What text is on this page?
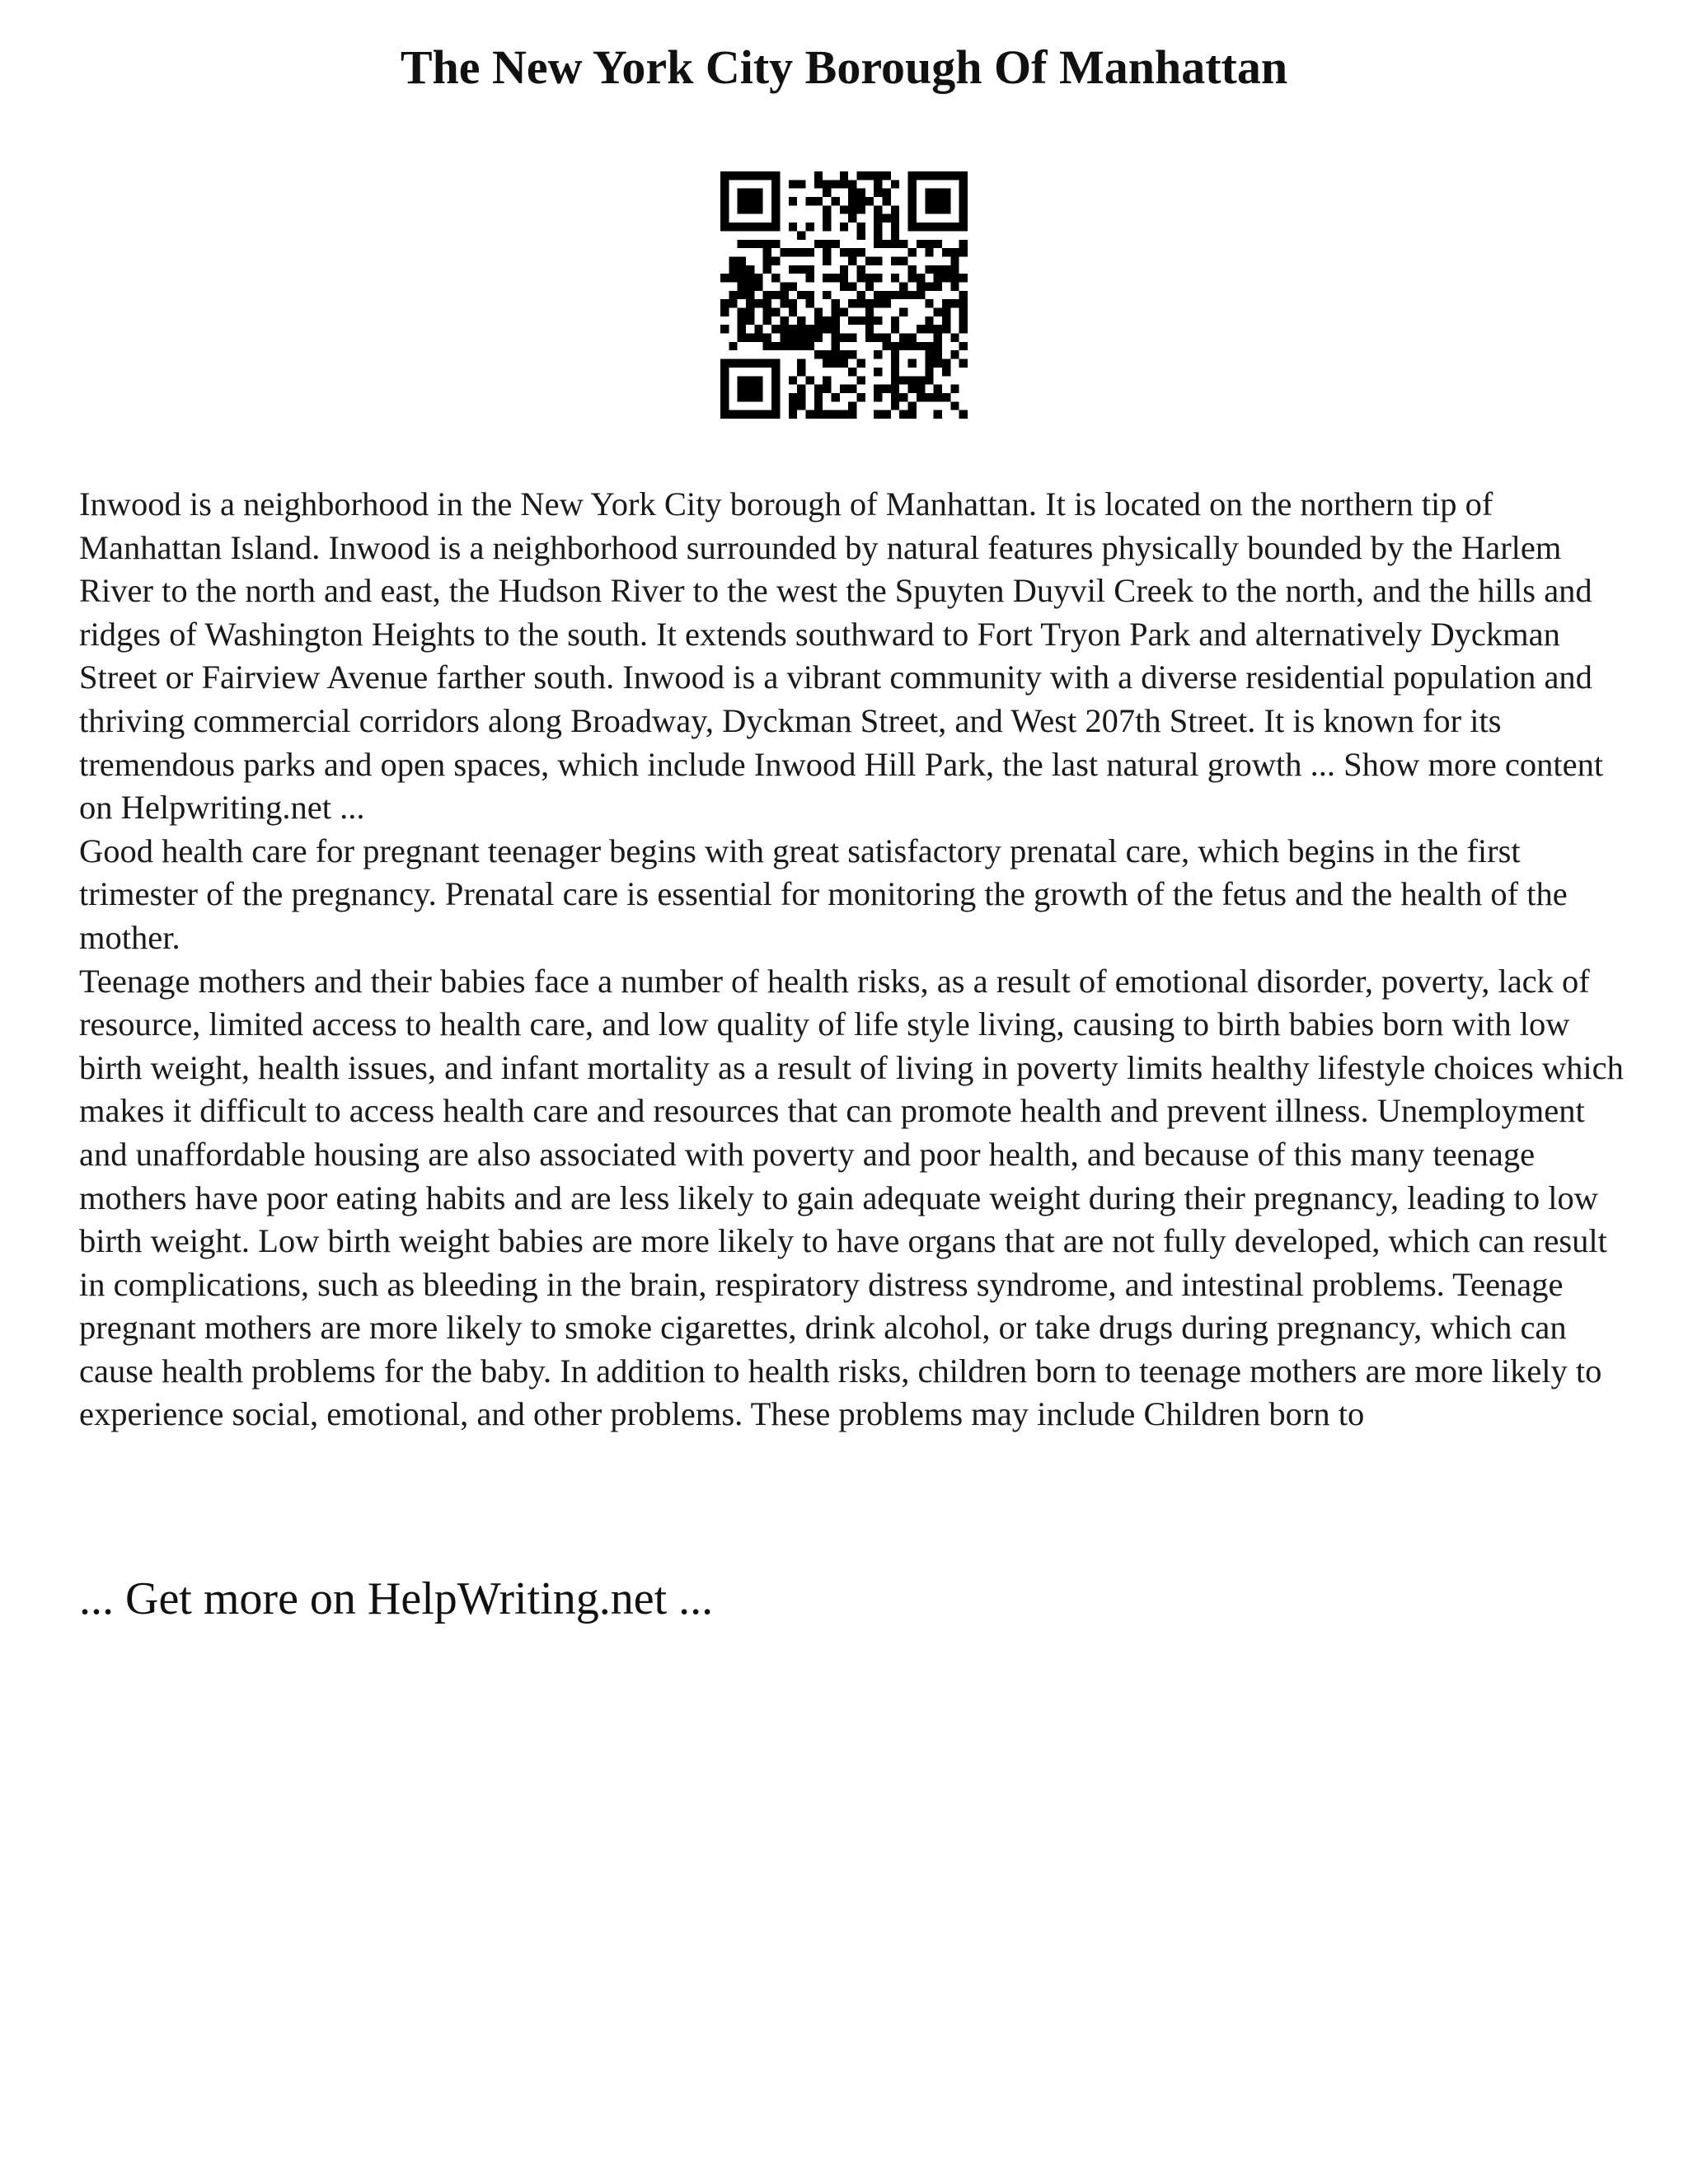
The New York City Borough Of Manhattan

Inwood is a neighborhood in the New York City borough of Manhattan. It is located on the northern tip of Manhattan Island. Inwood is a neighborhood surrounded by natural features physically bounded by the Harlem River to the north and east, the Hudson River to the west the Spuyten Duyvil Creek to the north, and the hills and ridges of Washington Heights to the south. It extends southward to Fort Tryon Park and alternatively Dyckman Street or Fairview Avenue farther south. Inwood is a vibrant community with a diverse residential population and thriving commercial corridors along Broadway, Dyckman Street, and West 207th Street. It is known for its tremendous parks and open spaces, which include Inwood Hill Park, the last natural growth ... Show more content on Helpwriting.net ...

Good health care for pregnant teenager begins with great satisfactory prenatal care, which begins in the first trimester of the pregnancy. Prenatal care is essential for monitoring the growth of the fetus and the health of the mother.

Teenage mothers and their babies face a number of health risks, as a result of emotional disorder, poverty, lack of resource, limited access to health care, and low quality of life style living, causing to birth babies born with low birth weight, health issues, and infant mortality as a result of living in poverty limits healthy lifestyle choices which makes it difficult to access health care and resources that can promote health and prevent illness. Unemployment and unaffordable housing are also associated with poverty and poor health, and because of this many teenage mothers have poor eating habits and are less likely to gain adequate weight during their pregnancy, leading to low birth weight. Low birth weight babies are more likely to have organs that are not fully developed, which can result in complications, such as bleeding in the brain, respiratory distress syndrome, and intestinal problems. Teenage pregnant mothers are more likely to smoke cigarettes, drink alcohol, or take drugs during pregnancy, which can cause health problems for the baby. In addition to health risks, children born to teenage mothers are more likely to experience social, emotional, and other problems. These problems may include Children born to

... Get more on HelpWriting.net ...
